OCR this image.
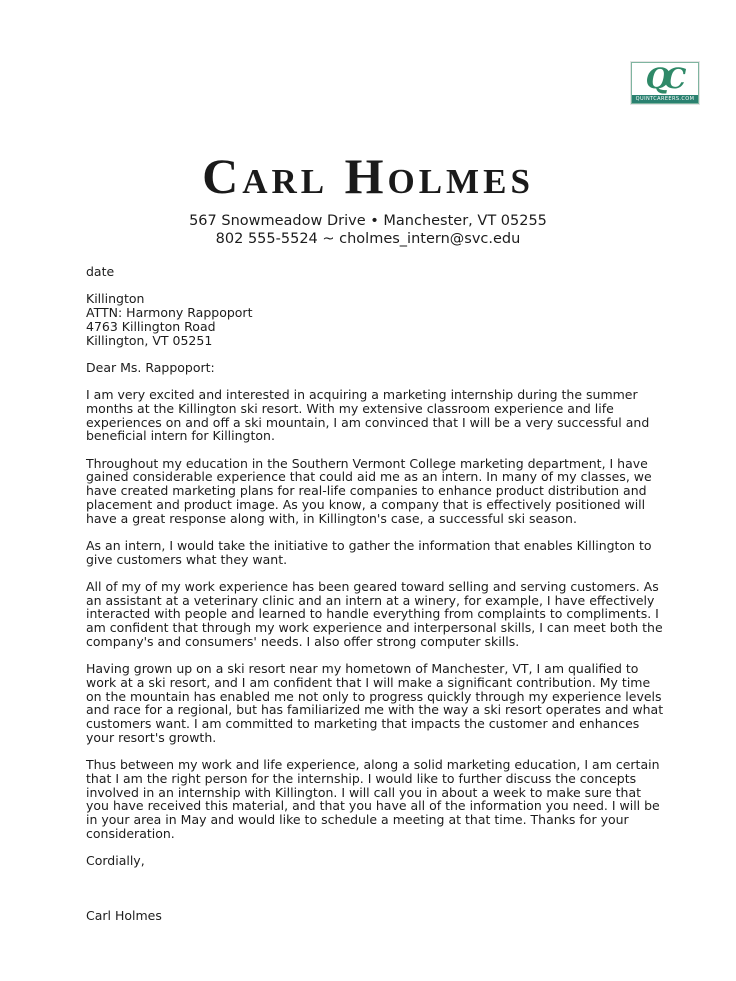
QC
QUINTCAREERS.COM
Carl Holmes
567 Snowmeadow Drive • Manchester, VT 05255
802 555-5524 ~ cholmes_intern@svc.edu

date

Killington
ATTN: Harmony Rappoport
4763 Killington Road
Killington, VT 05251

Dear Ms. Rappoport:

I am very excited and interested in acquiring a marketing internship during the summer months at the Killington ski resort. With my extensive classroom experience and life experiences on and off a ski mountain, I am convinced that I will be a very successful and beneficial intern for Killington.

Throughout my education in the Southern Vermont College marketing department, I have gained considerable experience that could aid me as an intern. In many of my classes, we have created marketing plans for real-life companies to enhance product distribution and placement and product image. As you know, a company that is effectively positioned will have a great response along with, in Killington's case, a successful ski season.

As an intern, I would take the initiative to gather the information that enables Killington to give customers what they want.

All of my of my work experience has been geared toward selling and serving customers. As an assistant at a veterinary clinic and an intern at a winery, for example, I have effectively interacted with people and learned to handle everything from complaints to compliments. I am confident that through my work experience and interpersonal skills, I can meet both the company's and consumers' needs. I also offer strong computer skills.

Having grown up on a ski resort near my hometown of Manchester, VT, I am qualified to work at a ski resort, and I am confident that I will make a significant contribution. My time on the mountain has enabled me not only to progress quickly through my experience levels and race for a regional, but has familiarized me with the way a ski resort operates and what customers want. I am committed to marketing that impacts the customer and enhances your resort's growth.

Thus between my work and life experience, along a solid marketing education, I am certain that I am the right person for the internship. I would like to further discuss the concepts involved in an internship with Killington. I will call you in about a week to make sure that you have received this material, and that you have all of the information you need. I will be in your area in May and would like to schedule a meeting at that time. Thanks for your consideration.

Cordially,

Carl Holmes
